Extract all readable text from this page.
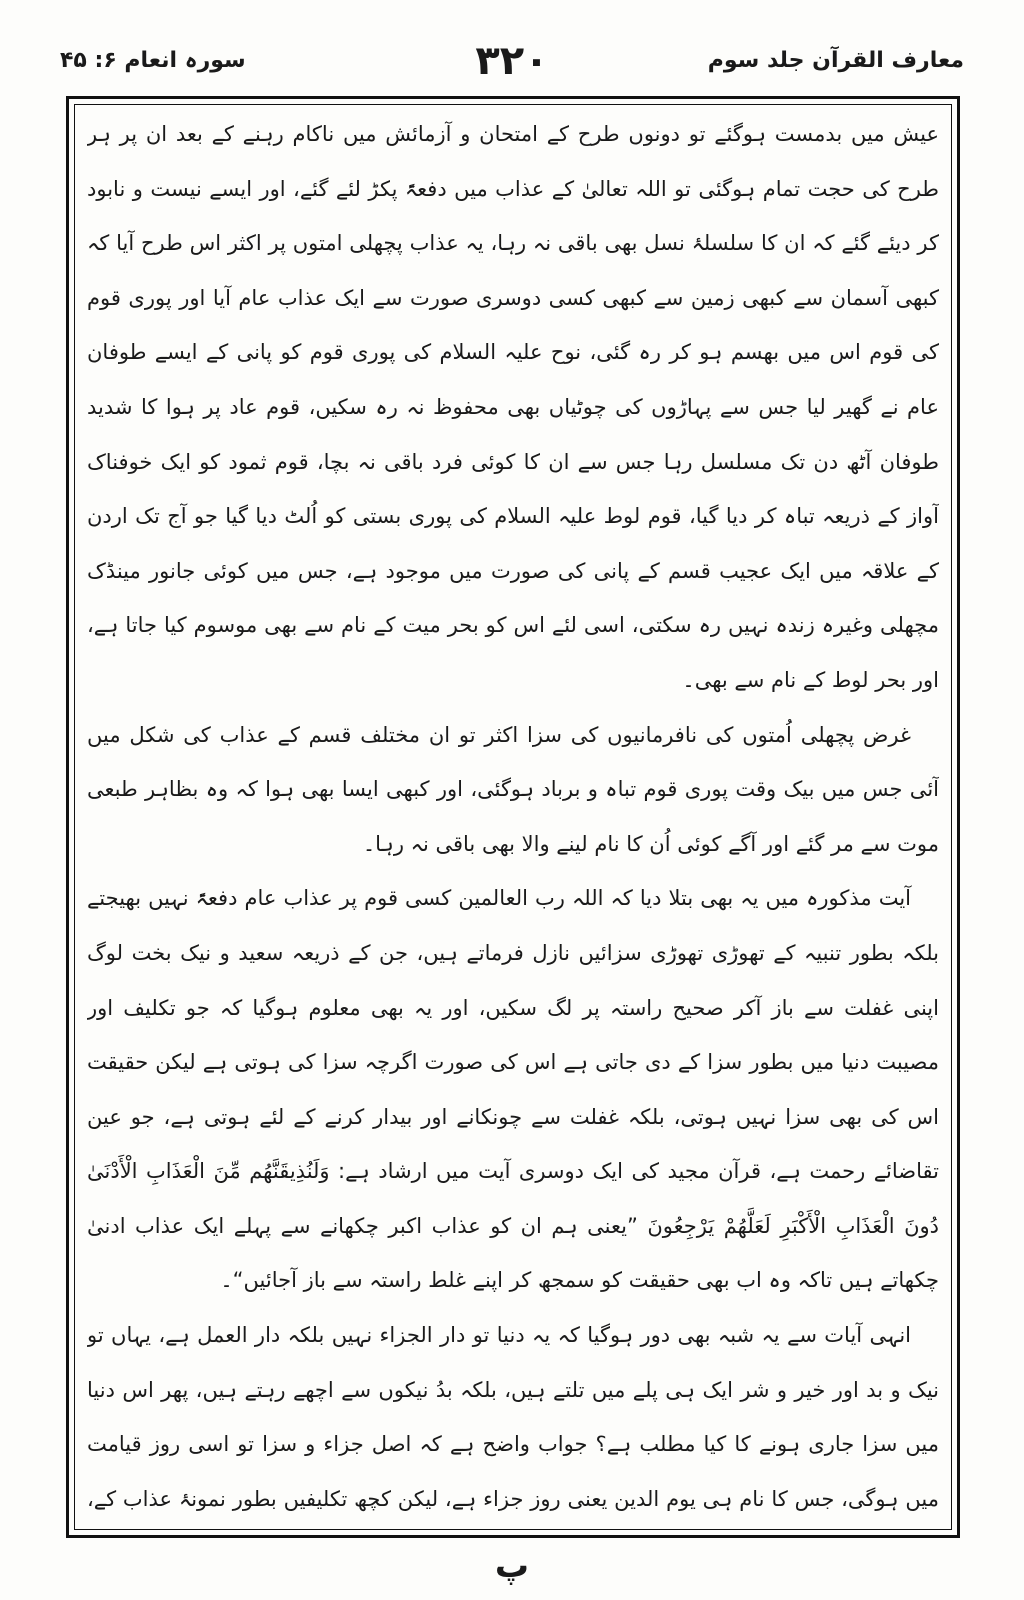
معارف القرآن جلد سوم
۳۲۰
سورہ انعام ۶: ۴۵

عیش میں بدمست ہوگئے تو دونوں طرح کے امتحان و آزمائش میں ناکام رہنے کے بعد ان پر ہر طرح کی حجت تمام ہوگئی تو اللہ تعالیٰ کے عذاب میں دفعۃً پکڑ لئے گئے، اور ایسے نیست و نابود کر دیئے گئے کہ ان کا سلسلۂ نسل بھی باقی نہ رہا، یہ عذاب پچھلی امتوں پر اکثر اس طرح آیا کہ کبھی آسمان سے کبھی زمین سے کبھی کسی دوسری صورت سے ایک عذاب عام آیا اور پوری قوم کی قوم اس میں بھسم ہو کر رہ گئی، نوح علیہ السلام کی پوری قوم کو پانی کے ایسے طوفان عام نے گھیر لیا جس سے پہاڑوں کی چوٹیاں بھی محفوظ نہ رہ سکیں، قوم عاد پر ہوا کا شدید طوفان آٹھ دن تک مسلسل رہا جس سے ان کا کوئی فرد باقی نہ بچا، قوم ثمود کو ایک خوفناک آواز کے ذریعہ تباہ کر دیا گیا، قوم لوط علیہ السلام کی پوری بستی کو اُلٹ دیا گیا جو آج تک اردن کے علاقہ میں ایک عجیب قسم کے پانی کی صورت میں موجود ہے، جس میں کوئی جانور مینڈک مچھلی وغیرہ زندہ نہیں رہ سکتی، اسی لئے اس کو بحر میت کے نام سے بھی موسوم کیا جاتا ہے، اور بحر لوط کے نام سے بھی۔

غرض پچھلی اُمتوں کی نافرمانیوں کی سزا اکثر تو ان مختلف قسم کے عذاب کی شکل میں آئی جس میں بیک وقت پوری قوم تباہ و برباد ہوگئی، اور کبھی ایسا بھی ہوا کہ وہ بظاہر طبعی موت سے مر گئے اور آگے کوئی اُن کا نام لینے والا بھی باقی نہ رہا۔

آیت مذکورہ میں یہ بھی بتلا دیا کہ اللہ رب العالمین کسی قوم پر عذاب عام دفعۃً نہیں بھیجتے بلکہ بطور تنبیہ کے تھوڑی تھوڑی سزائیں نازل فرماتے ہیں، جن کے ذریعہ سعید و نیک بخت لوگ اپنی غفلت سے باز آکر صحیح راستہ پر لگ سکیں، اور یہ بھی معلوم ہوگیا کہ جو تکلیف اور مصیبت دنیا میں بطور سزا کے دی جاتی ہے اس کی صورت اگرچہ سزا کی ہوتی ہے لیکن حقیقت اس کی بھی سزا نہیں ہوتی، بلکہ غفلت سے چونکانے اور بیدار کرنے کے لئے ہوتی ہے، جو عین تقاضائے رحمت ہے، قرآن مجید کی ایک دوسری آیت میں ارشاد ہے: وَلَنُذِيقَنَّهُم مِّنَ الْعَذَابِ الْأَدْنَىٰ دُونَ الْعَذَابِ الْأَكْبَرِ لَعَلَّهُمْ يَرْجِعُونَ ”یعنی ہم ان کو عذاب اکبر چکھانے سے پہلے ایک عذاب ادنیٰ چکھاتے ہیں تاکہ وہ اب بھی حقیقت کو سمجھ کر اپنے غلط راستہ سے باز آجائیں“۔

انہی آیات سے یہ شبہ بھی دور ہوگیا کہ یہ دنیا تو دار الجزاء نہیں بلکہ دار العمل ہے، یہاں تو نیک و بد اور خیر و شر ایک ہی پلے میں تلتے ہیں، بلکہ بدُ نیکوں سے اچھے رہتے ہیں، پھر اس دنیا میں سزا جاری ہونے کا کیا مطلب ہے؟ جواب واضح ہے کہ اصل جزاء و سزا تو اسی روز قیامت میں ہوگی، جس کا نام ہی یوم الدین یعنی روز جزاء ہے، لیکن کچھ تکلیفیں بطور نمونۂ عذاب کے،

پ
